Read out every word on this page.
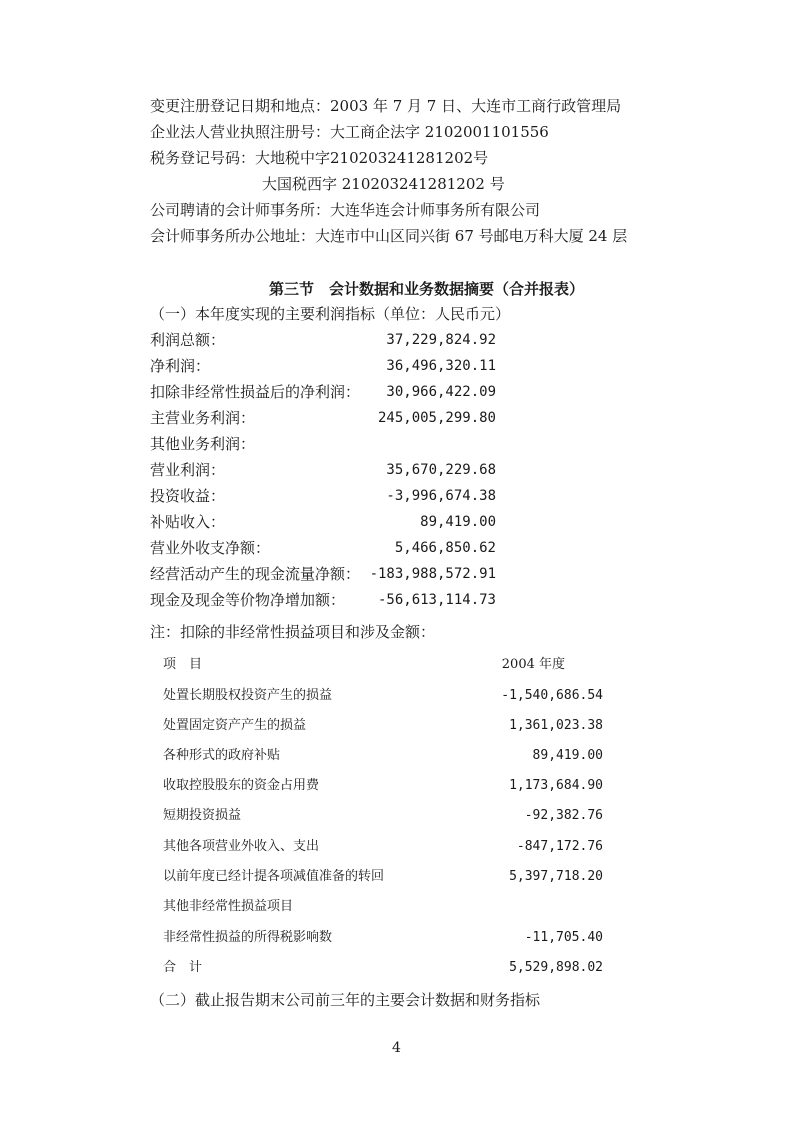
变更注册登记日期和地点：2003 年 7 月 7 日、大连市工商行政管理局
企业法人营业执照注册号：大工商企法字 2102001101556
税务登记号码：大地税中字210203241281202号
大国税西字 210203241281202 号
公司聘请的会计师事务所：大连华连会计师事务所有限公司
会计师事务所办公地址：大连市中山区同兴街 67 号邮电万科大厦 24 层
第三节　会计数据和业务数据摘要（合并报表）
（一）本年度实现的主要利润指标（单位：人民币元）
利润总额：	37,229,824.92
净利润：	36,496,320.11
扣除非经常性损益后的净利润： 30,966,422.09
主营业务利润：	245,005,299.80
其他业务利润：
营业利润：	35,670,229.68
投资收益：	-3,996,674.38
补贴收入：	89,419.00
营业外收支净额：	5,466,850.62
经营活动产生的现金流量净额： -183,988,572.91
现金及现金等价物净增加额： -56,613,114.73
注：扣除的非经常性损益项目和涉及金额：
项　目	2004 年度
处置长期股权投资产生的损益	-1,540,686.54
处置固定资产产生的损益	1,361,023.38
各种形式的政府补贴	89,419.00
收取控股股东的资金占用费	1,173,684.90
短期投资损益	-92,382.76
其他各项营业外收入、支出	-847,172.76
以前年度已经计提各项减值准备的转回	5,397,718.20
其他非经常性损益项目
非经常性损益的所得税影响数	-11,705.40
合　计	5,529,898.02
（二）截止报告期末公司前三年的主要会计数据和财务指标
4
